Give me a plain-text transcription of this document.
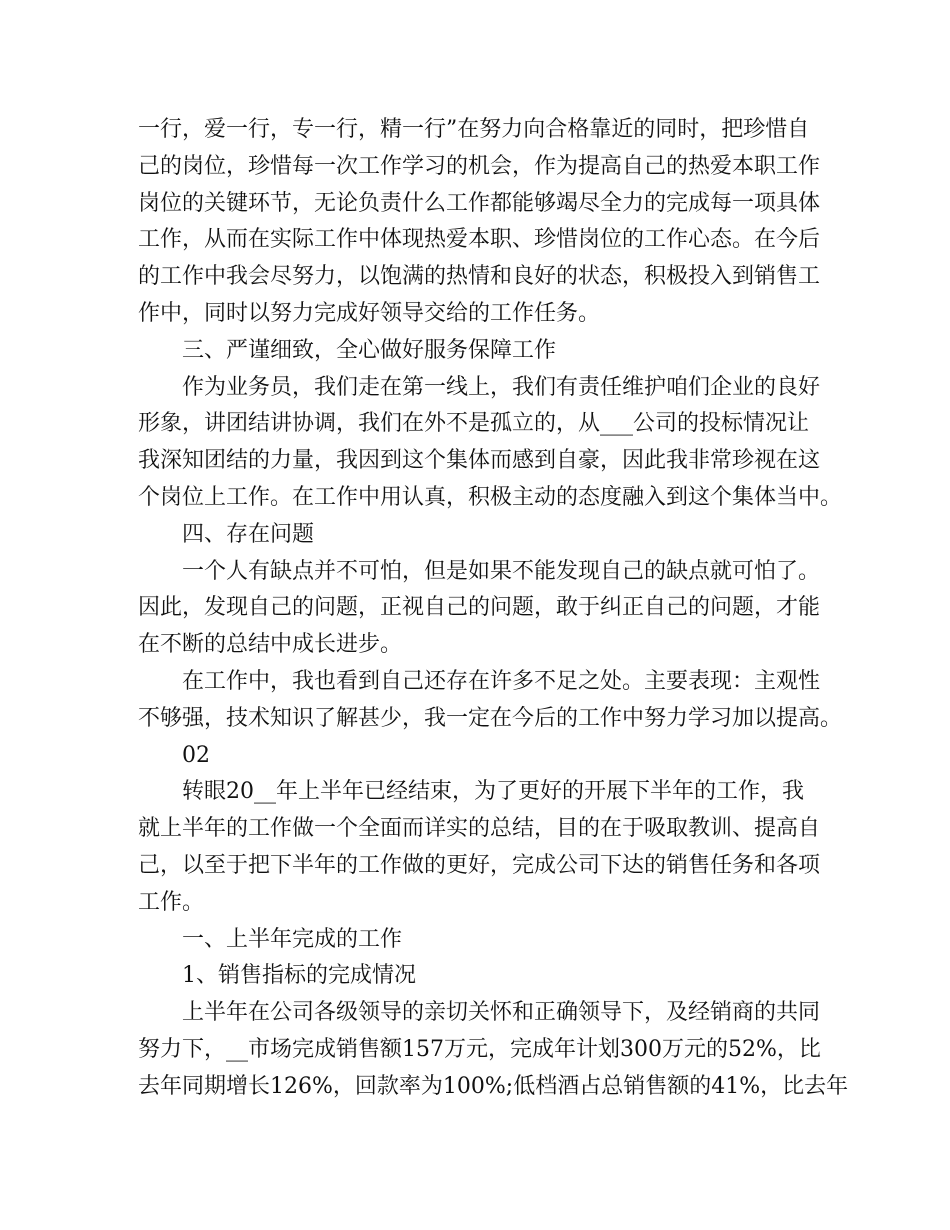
一行，爱一行，专一行，精一行”在努力向合格靠近的同时，把珍惜自
己的岗位，珍惜每一次工作学习的机会，作为提高自己的热爱本职工作
岗位的关键环节，无论负责什么工作都能够竭尽全力的完成每一项具体
工作，从而在实际工作中体现热爱本职、珍惜岗位的工作心态。在今后
的工作中我会尽努力，以饱满的热情和良好的状态，积极投入到销售工
作中，同时以努力完成好领导交给的工作任务。
三、严谨细致，全心做好服务保障工作
作为业务员，我们走在第一线上，我们有责任维护咱们企业的良好
形象，讲团结讲协调，我们在外不是孤立的，从___公司的投标情况让
我深知团结的力量，我因到这个集体而感到自豪，因此我非常珍视在这
个岗位上工作。在工作中用认真，积极主动的态度融入到这个集体当中。
四、存在问题
一个人有缺点并不可怕，但是如果不能发现自己的缺点就可怕了。
因此，发现自己的问题，正视自己的问题，敢于纠正自己的问题，才能
在不断的总结中成长进步。
在工作中，我也看到自己还存在许多不足之处。主要表现：主观性
不够强，技术知识了解甚少，我一定在今后的工作中努力学习加以提高。
02
转眼20__年上半年已经结束，为了更好的开展下半年的工作，我
就上半年的工作做一个全面而详实的总结，目的在于吸取教训、提高自
己，以至于把下半年的工作做的更好，完成公司下达的销售任务和各项
工作。
一、上半年完成的工作
1、销售指标的完成情况
上半年在公司各级领导的亲切关怀和正确领导下，及经销商的共同
努力下，__市场完成销售额157万元，完成年计划300万元的52%，比
去年同期增长126%，回款率为100%;低档酒占总销售额的41%，比去年
